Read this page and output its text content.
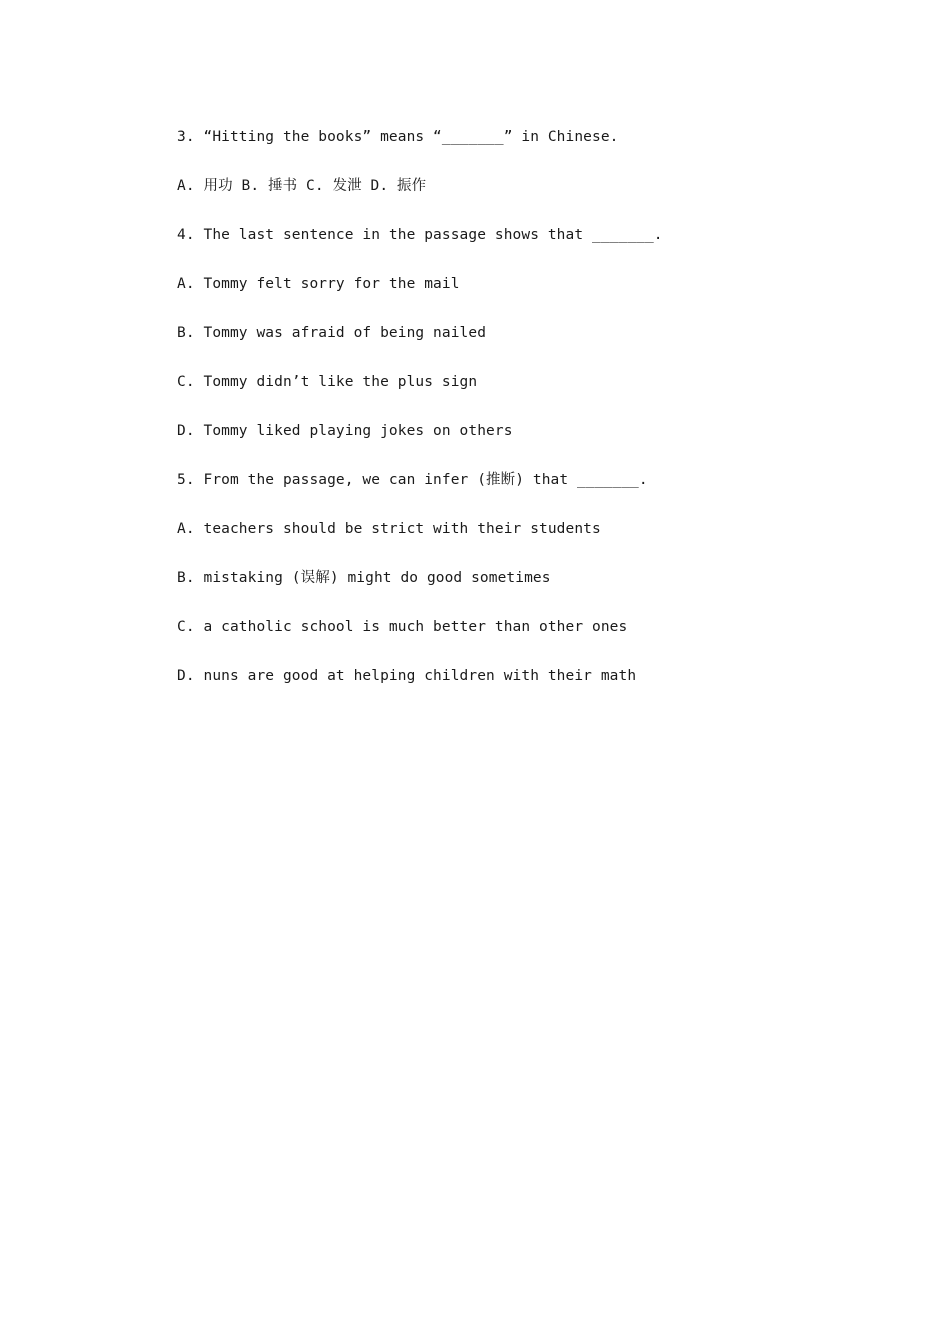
3. “Hitting the books” means “_______” in Chinese.
A. 用功 B. 捶书 C. 发泄 D. 振作
4. The last sentence in the passage shows that _______.
A. Tommy felt sorry for the mail
B. Tommy was afraid of being nailed
C. Tommy didn’t like the plus sign
D. Tommy liked playing jokes on others
5. From the passage, we can infer (推断) that _______.
A. teachers should be strict with their students
B. mistaking (误解) might do good sometimes
C. a catholic school is much better than other ones
D. nuns are good at helping children with their math
